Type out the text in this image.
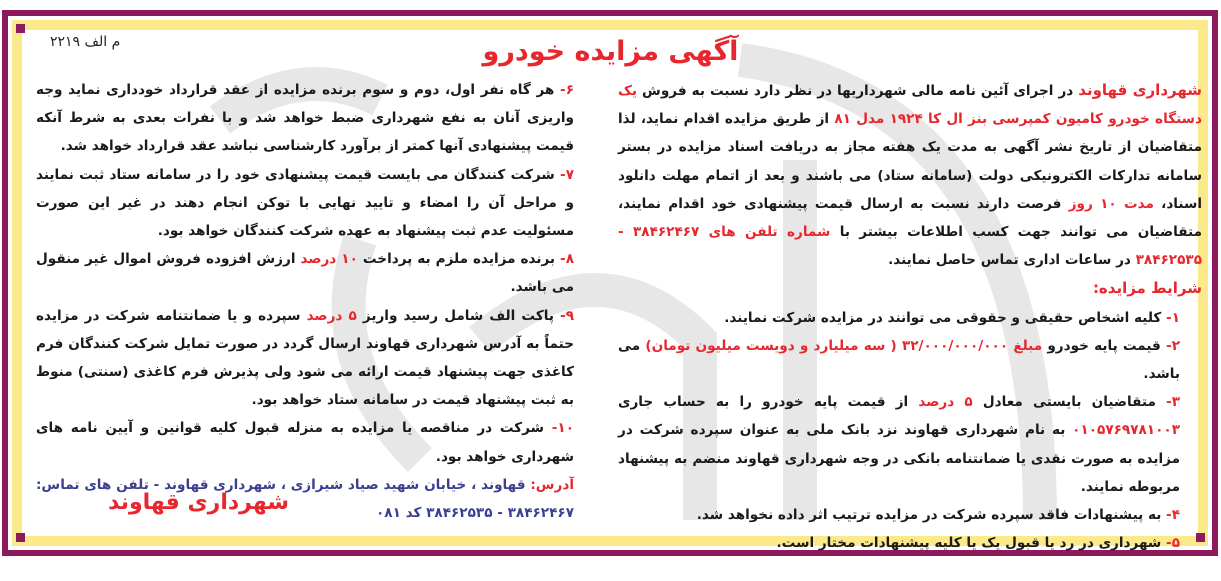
آگهی مزایده خودرو
م الف ۲۲۱۹

شهرداری قهاوند در اجرای آئین نامه مالی شهرداریها در نظر دارد نسبت به فروش یک دستگاه خودرو کامیون کمپرسی بنز ال کا ۱۹۲۴ مدل ۸۱ از طریق مزایده اقدام نماید، لذا متقاضیان از تاریخ نشر آگهی به مدت یک هفته مجاز به دریافت اسناد مزایده در بستر سامانه تدارکات الکترونیکی دولت (سامانه ستاد) می باشند و بعد از اتمام مهلت دانلود اسناد، مدت ۱۰ روز فرصت دارند نسبت به ارسال قیمت پیشنهادی خود اقدام نمایند، متقاضیان می توانند جهت کسب اطلاعات بیشتر با شماره تلفن های ۳۸۴۶۲۴۶۷ - ۳۸۴۶۲۵۳۵ در ساعات اداری تماس حاصل نمایند.

شرایط مزایده:

۱- کلیه اشخاص حقیقی و حقوقی می توانند در مزایده شرکت نمایند.

۲- قیمت پایه خودرو مبلغ ۳۲/۰۰۰/۰۰۰/۰۰۰ ( سه میلیارد و دویست میلیون تومان) می باشد.

۳- متقاضیان بایستی معادل ۵ درصد از قیمت پایه خودرو را به حساب جاری ۰۱۰۵۷۶۹۷۸۱۰۰۳ به نام شهرداری قهاوند نزد بانک ملی به عنوان سپرده شرکت در مزایده به صورت نقدی یا ضمانتنامه بانکی در وجه شهرداری قهاوند منضم به پیشنهاد مربوطه نمایند.

۴- به پیشنهادات فاقد سپرده شرکت در مزایده ترتیب اثر داده نخواهد شد.

۵- شهرداری در رد یا قبول یک یا کلیه پیشنهادات مختار است.

۶- هر گاه نفر اول، دوم و سوم برنده مزایده از عقد قرارداد خودداری نماید وجه واریزی آنان به نفع شهرداری ضبط خواهد شد و با نفرات بعدی به شرط آنکه قیمت پیشنهادی آنها کمتر از برآورد کارشناسی نباشد عقد قرارداد خواهد شد.

۷- شرکت کنندگان می بایست قیمت پیشنهادی خود را در سامانه ستاد ثبت نمایند و مراحل آن را امضاء و تایید نهایی با توکن انجام دهند در غیر این صورت مسئولیت عدم ثبت پیشنهاد به عهده شرکت کنندگان خواهد بود.

۸- برنده مزایده ملزم به پرداخت ۱۰ درصد ارزش افزوده فروش اموال غیر منقول می باشد.

۹- پاکت الف شامل رسید واریز ۵ درصد سپرده و یا ضمانتنامه شرکت در مزایده حتماً به آدرس شهرداری قهاوند ارسال گردد در صورت تمایل شرکت کنندگان فرم کاغذی جهت پیشنهاد قیمت ارائه می شود ولی پذیرش فرم کاغذی (سنتی) منوط به ثبت پیشنهاد قیمت در سامانه ستاد خواهد بود.

۱۰- شرکت در مناقصه یا مزایده به منزله قبول کلیه قوانین و آیین نامه های شهرداری خواهد بود.

آدرس: قهاوند ، خیابان شهید صیاد شیرازی ، شهرداری قهاوند - تلفن های تماس: ۳۸۴۶۲۴۶۷ - ۳۸۴۶۲۵۳۵ کد ۰۸۱

شهرداری قهاوند
